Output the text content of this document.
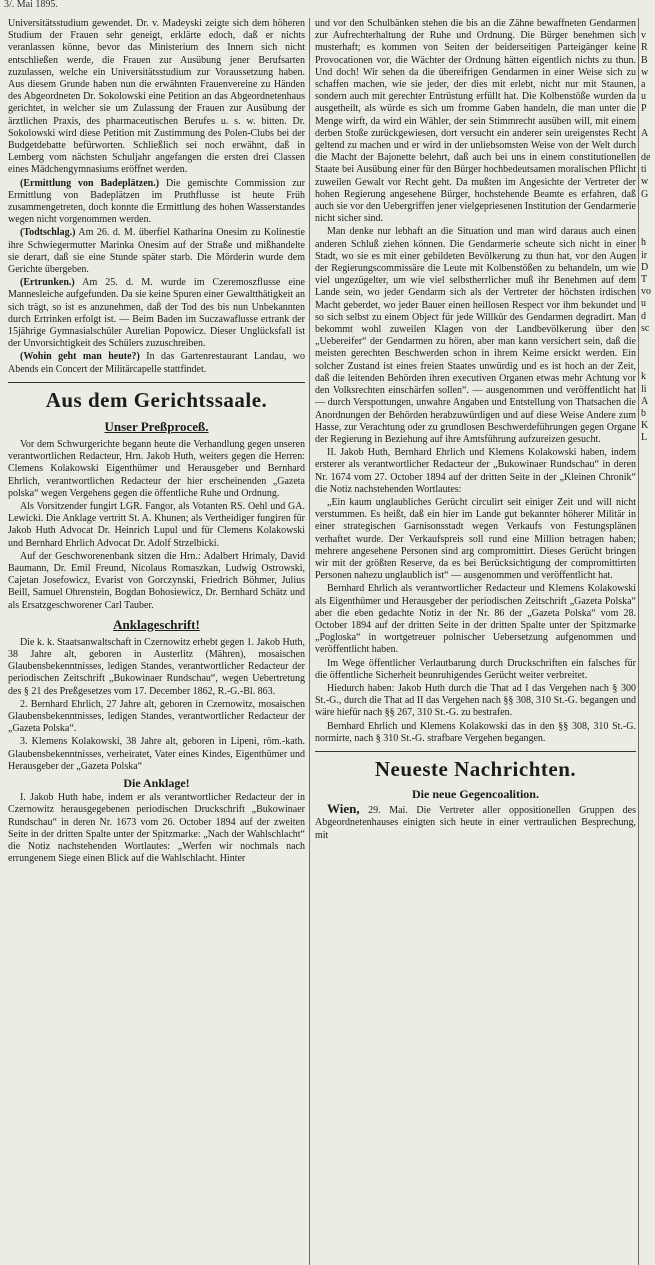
3/. Mai 1895.

Universitätsstudium gewendet. Dr. v. Madeyski zeigte sich dem höheren Studium der Frauen sehr geneigt, erklärte edoch, daß er nichts veranlassen könne, bevor das Ministerium des Innern sich nicht entschließen werde, die Frauen zur Ausübung jener Berufsarten zuzulassen, welche ein Universitätsstudium zur Voraussetzung haben. Aus diesem Grunde haben nun die erwähnten Frauenvereine zu Händen des Abgeordneten Dr. Sokolowski eine Petition an das Abgeordnetenhaus gerichtet, in welcher sie um Zulassung der Frauen zur Ausübung der ärztlichen Praxis, des pharmaceutischen Berufes u. s. w. bitten. Dr. Sokolowski wird diese Petition mit Zustimmung des Polen-Clubs bei der Budgetdebatte befürworten. Schließlich sei noch erwähnt, daß in Lemberg vom nächsten Schuljahr angefangen die ersten drei Classen eines Mädchengymnasiums eröffnet werden.

(Ermittlung von Badeplätzen.) Die gemischte Commission zur Ermittlung von Badeplätzen im Pruthflusse ist heute Früh zusammengetreten, doch konnte die Ermittlung des hohen Wasserstandes wegen nicht vorgenommen werden.

(Todtschlag.) Am 26. d. M. überfiel Katharina Onesim zu Kolinestie ihre Schwiegermutter Marinka Onesim auf der Straße und mißhandelte sie derart, daß sie eine Stunde später starb. Die Mörderin wurde dem Gerichte übergeben.

(Ertrunken.) Am 25. d. M. wurde im Czeremoszflusse eine Mannesleiche aufgefunden. Da sie keine Spuren einer Gewaltthätigkeit an sich trägt, so ist es anzunehmen, daß der Tod des bis nun Unbekannten durch Ertrinken erfolgt ist. — Beim Baden im Suczawaflusse ertrank der 15jährige Gymnasialschüler Aurelian Popowicz. Dieser Unglücksfall ist der Unvorsichtigkeit des Schülers zuzuschreiben.

(Wohin geht man heute?) In das Gartenrestaurant Landau, wo Abends ein Concert der Militärcapelle stattfindet.

Aus dem Gerichtssaale.
Unser Preßproceß.

Vor dem Schwurgerichte begann heute die Verhandlung gegen unseren verantwortlichen Redacteur, Hrn. Jakob Huth, weiters gegen die Herren: Clemens Kolakowski Eigenthümer und Herausgeber und Bernhard Ehrlich, verantwortlichen Redacteur der hier erscheinenden „Gazeta polska“ wegen Vergehens gegen die öffentliche Ruhe und Ordnung.

Als Vorsitzender fungirt LGR. Fangor, als Votanten RS. Oehl und GA. Lewicki. Die Anklage vertritt St. A. Khunen; als Vertheidiger fungiren für Jakob Huth Advocat Dr. Heinrich Lupul und für Clemens Kolakowski und Bernhard Ehrlich Advocat Dr. Adolf Strzelbicki.

Auf der Geschworenenbank sitzen die Hrn.: Adalbert Hrimaly, David Baumann, Dr. Emil Freund, Nicolaus Romaszkan, Ludwig Ostrowski, Cajetan Josefowicz, Evarist von Gorczynski, Friedrich Böhmer, Julius Beill, Samuel Ohrenstein, Bogdan Bohosiewicz, Dr. Bernhard Schätz und als Ersatzgeschworener Carl Tauber.

Anklageschrift!

Die k. k. Staatsanwaltschaft in Czernowitz erhebt gegen 1. Jakob Huth, 38 Jahre alt, geboren in Austerlitz (Mähren), mosaischen Glaubensbekenntnisses, ledigen Standes, verantwortlicher Redacteur der periodischen Zeitschrift „Bukowinaer Rundschau“, wegen Uebertretung des § 21 des Preßgesetzes vom 17. December 1862, R.-G.-Bl. 863.

2. Bernhard Ehrlich, 27 Jahre alt, geboren in Czernowitz, mosaischen Glaubensbekenntnisses, ledigen Standes, verantwortlicher Redacteur der „Gazeta Polska“.

3. Klemens Kolakowski, 38 Jahre alt, geboren in Lipeni, röm.-kath. Glaubensbekenntnisses, verheiratet, Vater eines Kindes, Eigenthümer und Herausgeber der „Gazeta Polska“

Die Anklage!

I. Jakob Huth habe, indem er als verantwortlicher Redacteur der in Czernowitz herausgegebenen periodischen Druckschrift „Bukowinaer Rundschau“ in deren Nr. 1673 vom 26. October 1894 auf der zweiten Seite in der dritten Spalte unter der Spitzmarke: „Nach der Wahlschlacht“ die Notiz nachstehenden Wortlautes: „Werfen wir nochmals nach errungenem Siege einen Blick auf die Wahlschlacht. Hinter

und vor den Schulbänken stehen die bis an die Zähne bewaffneten Gendarmen zur Aufrechterhaltung der Ruhe und Ordnung. Die Bürger benehmen sich musterhaft; es kommen von Seiten der beiderseitigen Parteigänger keine Provocationen vor, die Wächter der Ordnung hätten eigentlich nichts zu thun. Und doch! Wir sehen da die übereifrigen Gendarmen in einer Weise sich zu schaffen machen, wie sie jeder, der dies mit erlebt, nicht nur mit Staunen, sondern auch mit gerechter Entrüstung erfüllt hat. Die Kolbenstöße wurden da ausgetheilt, als würde es sich um fromme Gaben handeln, die man unter die Menge wirft, da wird ein Wähler, der sein Stimmrecht ausüben will, mit einem derben Stoße zurückgewiesen, dort versucht ein anderer sein ureigenstes Recht geltend zu machen und er wird in der unliebsomsten Weise von der Welt durch die Macht der Bajonette belehrt, daß auch bei uns in einem constitutionellen Staate bei Ausübung einer für den Bürger hochbedeutsamen moralischen Pflicht zuweilen Gewalt vor Recht geht. Da mußten im Angesichte der Vertreter der hohen Regierung angesehene Bürger, hochstehende Beamte es erfahren, daß auch sie vor den Uebergriffen jener vielgepriesenen Institution der Gendarmerie nicht sicher sind.

Man denke nur lebhaft an die Situation und man wird daraus auch einen anderen Schluß ziehen können. Die Gendarmerie scheute sich nicht in einer Stadt, wo sie es mit einer gebildeten Bevölkerung zu thun hat, vor den Augen der Regierungscommissäre die Leute mit Kolbenstößen zu behandeln, um wie viel ungezügelter, um wie viel selbstherrlicher muß ihr Benehmen auf dem Lande sein, wo jeder Gendarm sich als der Vertreter der höchsten irdischen Macht geberdet, wo jeder Bauer einen heillosen Respect vor ihm bekundet und so sich selbst zu einem Object für jede Willkür des Gendarmen degradirt. Man bekommt wohl zuweilen Klagen von der Landbevölkerung über den „Uebereifer“ der Gendarmen zu hören, aber man kann versichert sein, daß die meisten gerechten Beschwerden schon in ihrem Keime ersickt werden. Ein solcher Zustand ist eines freien Staates unwürdig und es ist hoch an der Zeit, daß die leitenden Behörden ihren executiven Organen etwas mehr Achtung vor den Volksrechten einschärfen sollen“. — ausgenommen und veröffentlicht hat — durch Verspottungen, unwahre Angaben und Entstellung von Thatsachen die Anordnungen der Behörden herabzuwürdigen und auf diese Weise Andere zum Hasse, zur Verachtung oder zu grundlosen Beschwerdeführungen gegen Organe der Regierung in Beziehung auf ihre Amtsführung aufzureizen gesucht.

II. Jakob Huth, Bernhard Ehrlich und Klemens Kolakowski haben, indem ersterer als verantwortlicher Redacteur der „Bukowinaer Rundschau“ in deren Nr. 1674 vom 27. October 1894 auf der dritten Seite in der „Kleinen Chronik“ die Notiz nachstehenden Wortlautes:

„Ein kaum unglaubliches Gerücht circulirt seit einiger Zeit und will nicht verstummen. Es heißt, daß ein hier im Lande gut bekannter höherer Militär in einer strategischen Garnisonsstadt wegen Verkaufs von Festungsplänen verhaftet wurde. Der Verkaufspreis soll rund eine Million betragen haben; mehrere angesehene Personen sind arg compromittirt. Dieses Gerücht bringen wir mit der größten Reserve, da es bei Berücksichtigung der compromittirten Personen nahezu unglaublich ist“ — ausgenommen und veröffentlicht hat.

Bernhard Ehrlich als verantwortlicher Redacteur und Klemens Kolakowski als Eigenthümer und Herausgeber der periodischen Zeitschrift „Gazeta Polska“ aber die eben gedachte Notiz in der Nr. 86 der „Gazeta Polska“ vom 28. October 1894 auf der dritten Seite in der dritten Spalte unter der Spitzmarke „Pogloska“ in wortgetreuer polnischer Uebersetzung aufgenommen und veröffentlicht haben.

Im Wege öffentlicher Verlautbarung durch Druckschriften ein falsches für die öffentliche Sicherheit beunruhigendes Gerücht weiter verbreitet.

Hiedurch haben: Jakob Huth durch die That ad I das Vergehen nach § 300 St.-G., durch die That ad II das Vergehen nach §§ 308, 310 St.-G. begangen und wäre hiefür nach §§ 267, 310 St.-G. zu bestrafen.

Bernhard Ehrlich und Klemens Kolakowski das in den §§ 308, 310 St.-G. normirte, nach § 310 St.-G. strafbare Vergehen begangen.

Neueste Nachrichten.
Die neue Gegencoalition.

Wien, 29. Mai. Die Vertreter aller oppositionellen Gruppen des Abgeordnetenhauses einigten sich heute in einer vertraulichen Besprechung, mit

v
R
B
w
a
u
P
A
de
ti
w
G
h
ir
D
T
vo
u
d
sc
k
li
A
b
K
L
